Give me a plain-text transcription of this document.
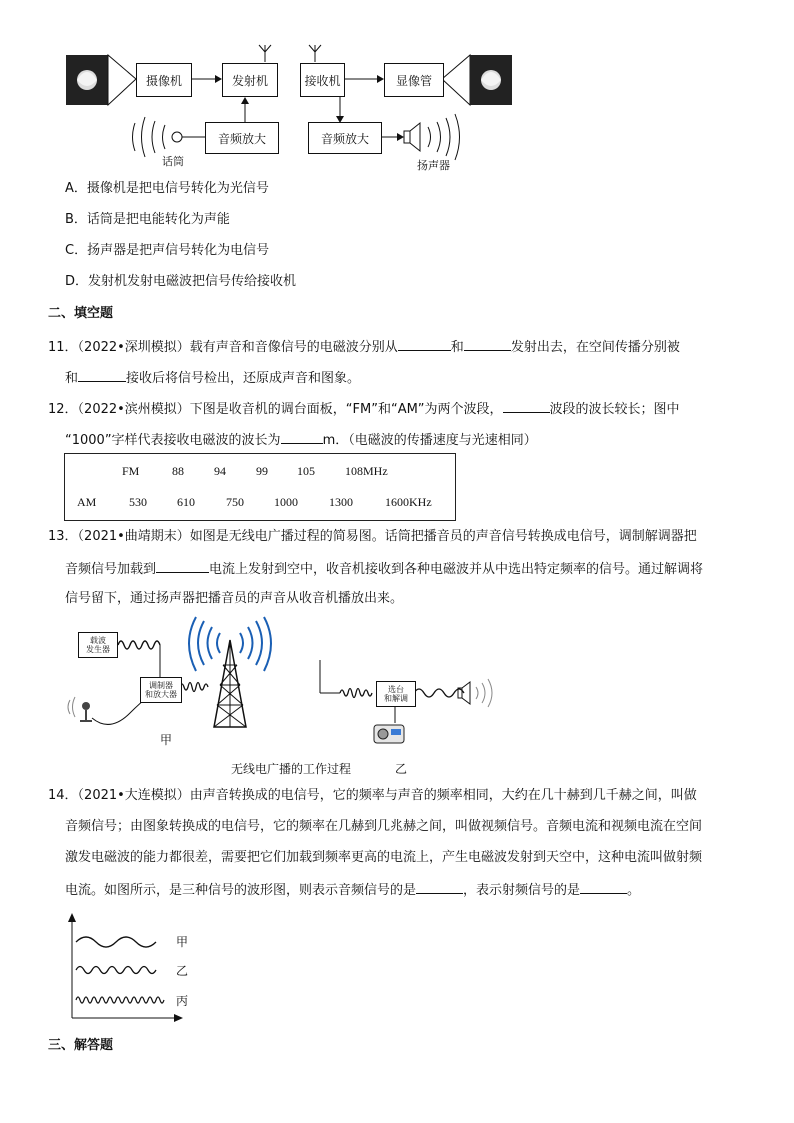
摄像机	发射机	接收机	显像管
音频放大	音频放大
话筒	扬声器
A．摄像机是把电信号转化为光信号
B．话筒是把电能转化为声能
C．扬声器是把声信号转化为电信号
D．发射机发射电磁波把信号传给接收机
二、填空题
11．（2022•深圳模拟）载有声音和音像信号的电磁波分别从	和	发射出去，在空间传播分别被
和	接收后将信号检出，还原成声音和图象。
12．（2022•滨州模拟）下图是收音机的调台面板，“FM”和“AM”为两个波段，	波段的波长较长；图中
“1000”字样代表接收电磁波的波长为	m．（电磁波的传播速度与光速相同）
FM	88	94	99 105	108MHz
AM	530	610	750	1000	1300	1600KHz
13．（2021•曲靖期末）如图是无线电广播过程的简易图。话筒把播音员的声音信号转换成电信号，调制解调器把
音频信号加载到	电流上发射到空中，收音机接收到各种电磁波并从中选出特定频率的信号。通过解调将
信号留下，通过扬声器把播音员的声音从收音机播放出来。
载波
发生器
调制器
和放大器
选台
和解调
甲
无线电广播的工作过程	乙
14．（2021•大连模拟）由声音转换成的电信号，它的频率与声音的频率相同，大约在几十赫到几千赫之间，叫做
音频信号；由图象转换成的电信号，它的频率在几赫到几兆赫之间，叫做视频信号。音频电流和视频电流在空间
激发电磁波的能力都很差，需要把它们加载到频率更高的电流上，产生电磁波发射到天空中，这种电流叫做射频
电流。如图所示，是三种信号的波形图，则表示音频信号的是	，表示射频信号的是	。
甲
乙
丙
三、解答题
